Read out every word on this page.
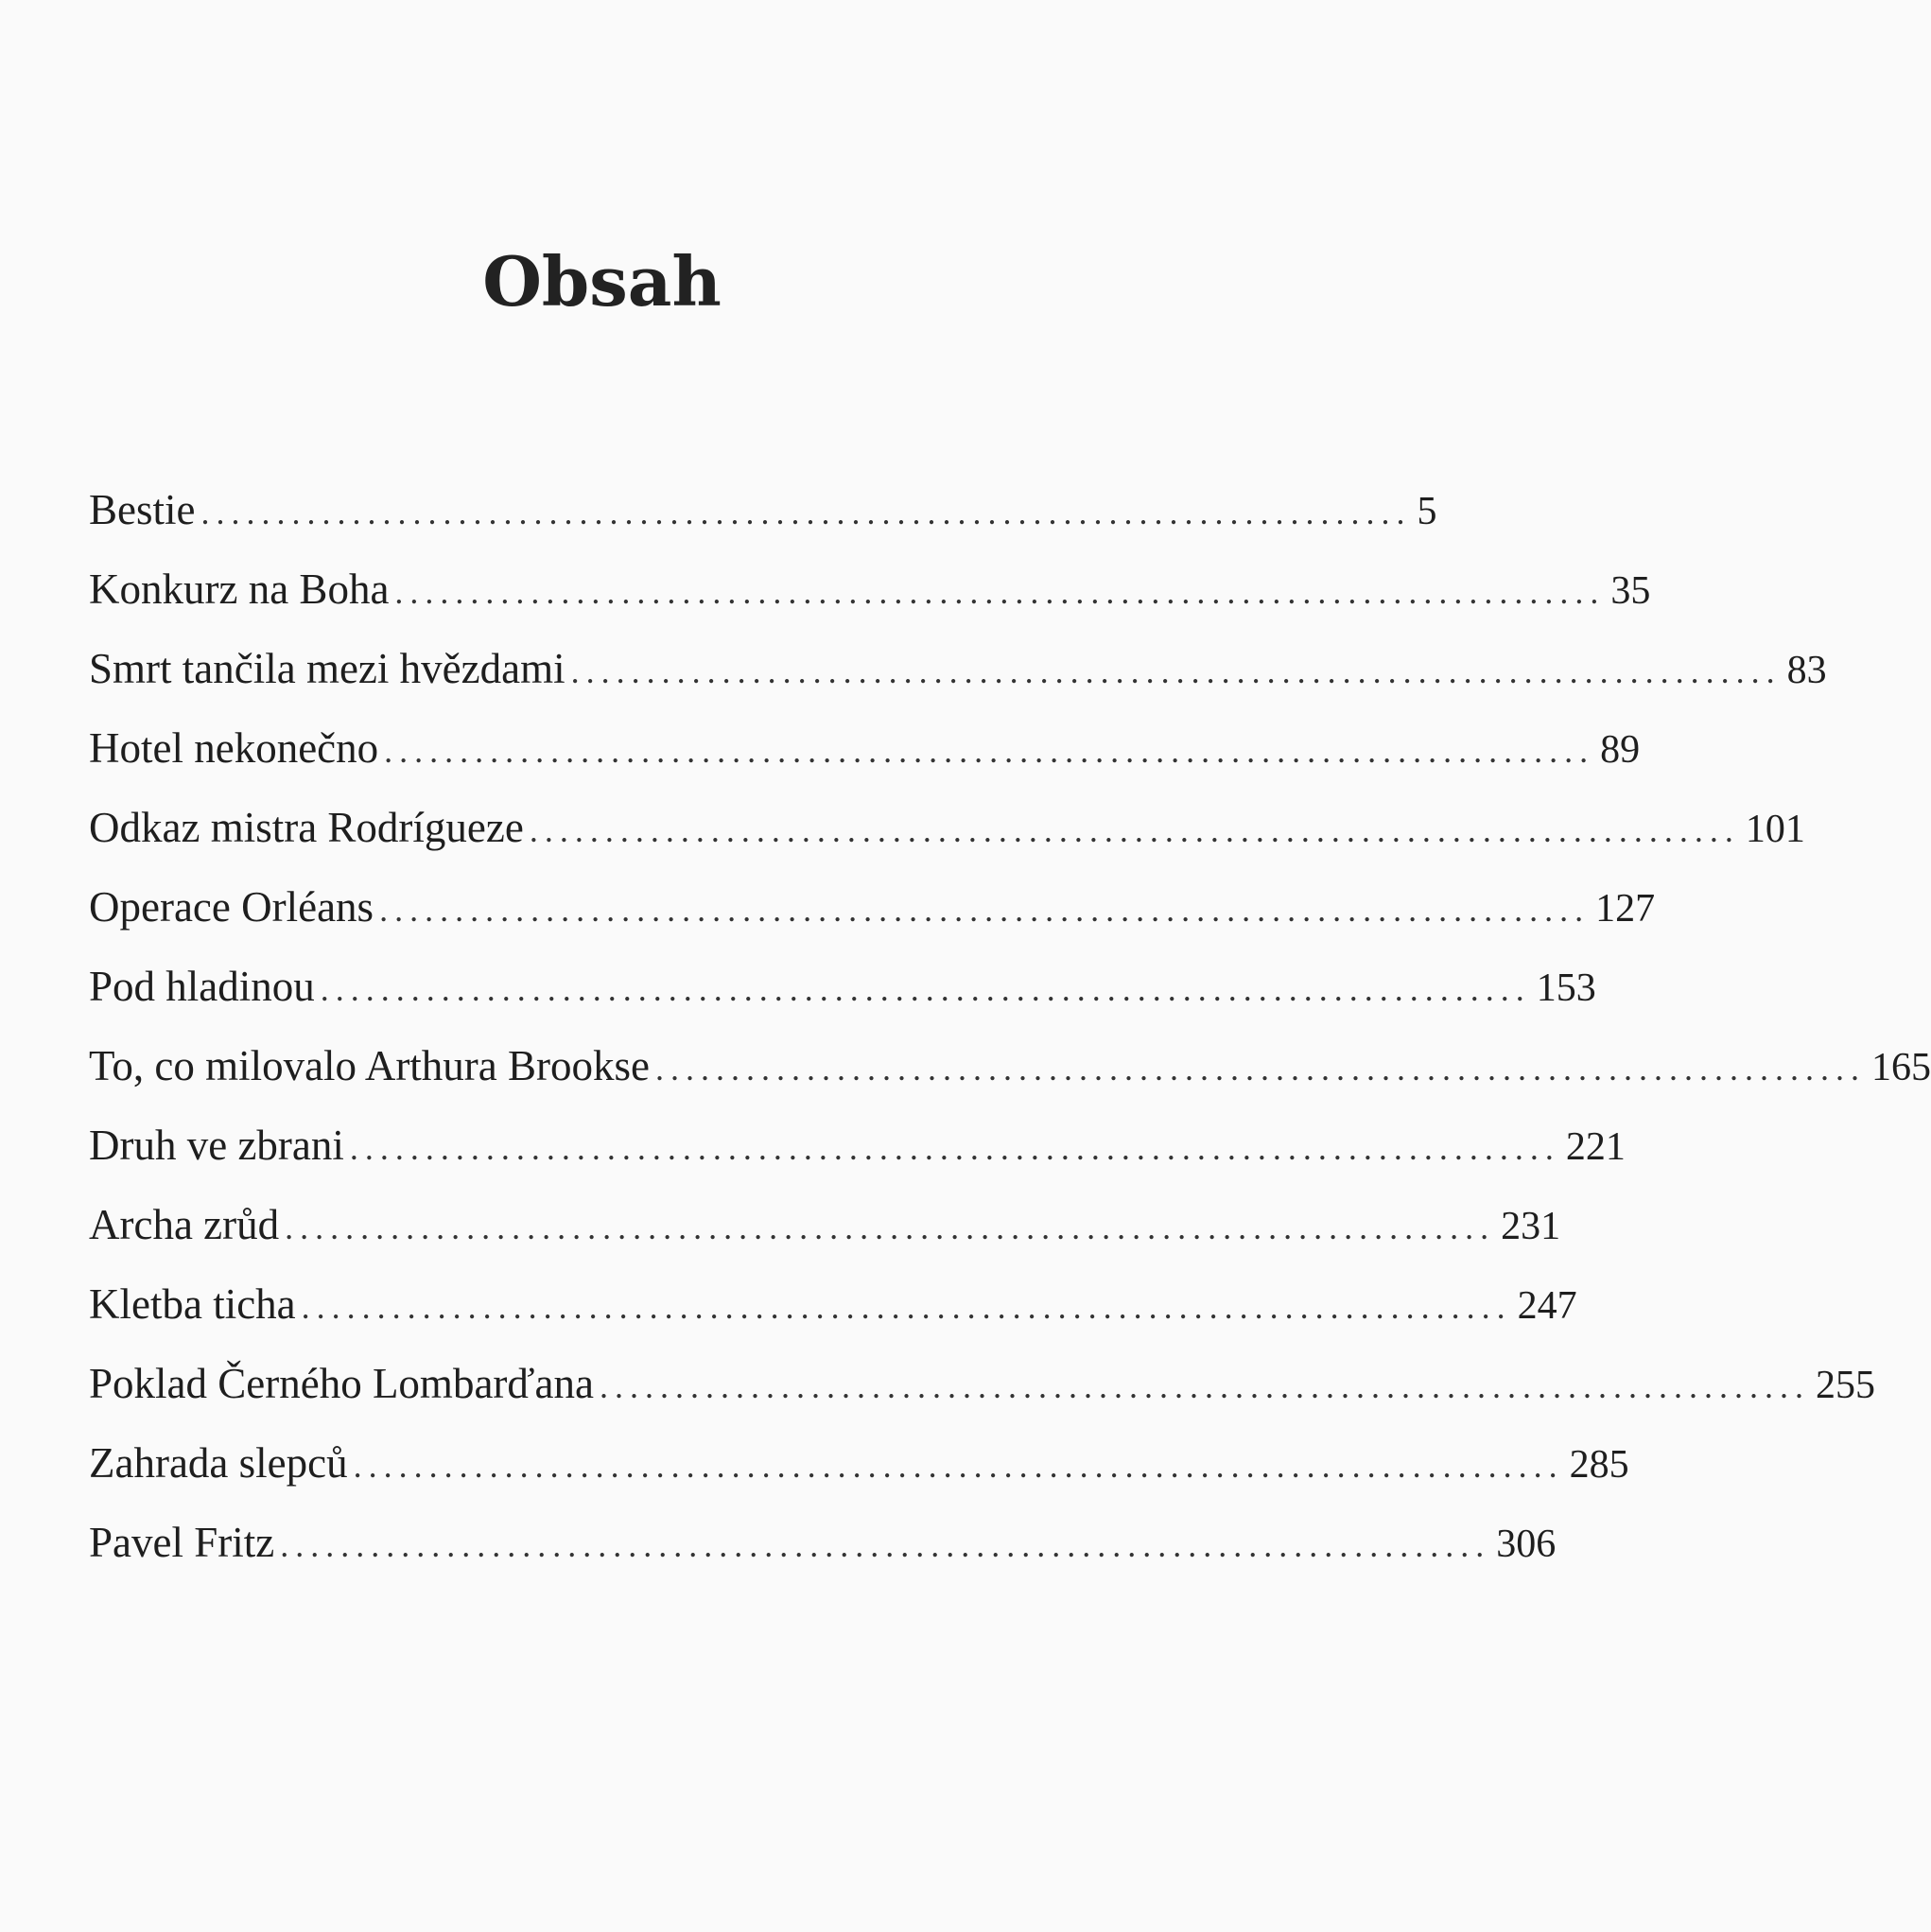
Obsah
Bestie ................................................................................ 5
Konkurz na Boha ................................................................................ 35
Smrt tančila mezi hvězdami ................................................................................ 83
Hotel nekonečno ................................................................................ 89
Odkaz mistra Rodrígueze ................................................................................ 101
Operace Orléans ................................................................................ 127
Pod hladinou ................................................................................ 153
To, co milovalo Arthura Brookse ................................................................................ 165
Druh ve zbrani ................................................................................ 221
Archa zrůd ................................................................................ 231
Kletba ticha ................................................................................ 247
Poklad Černého Lombarďana ................................................................................ 255
Zahrada slepců ................................................................................ 285
Pavel Fritz ................................................................................ 306
